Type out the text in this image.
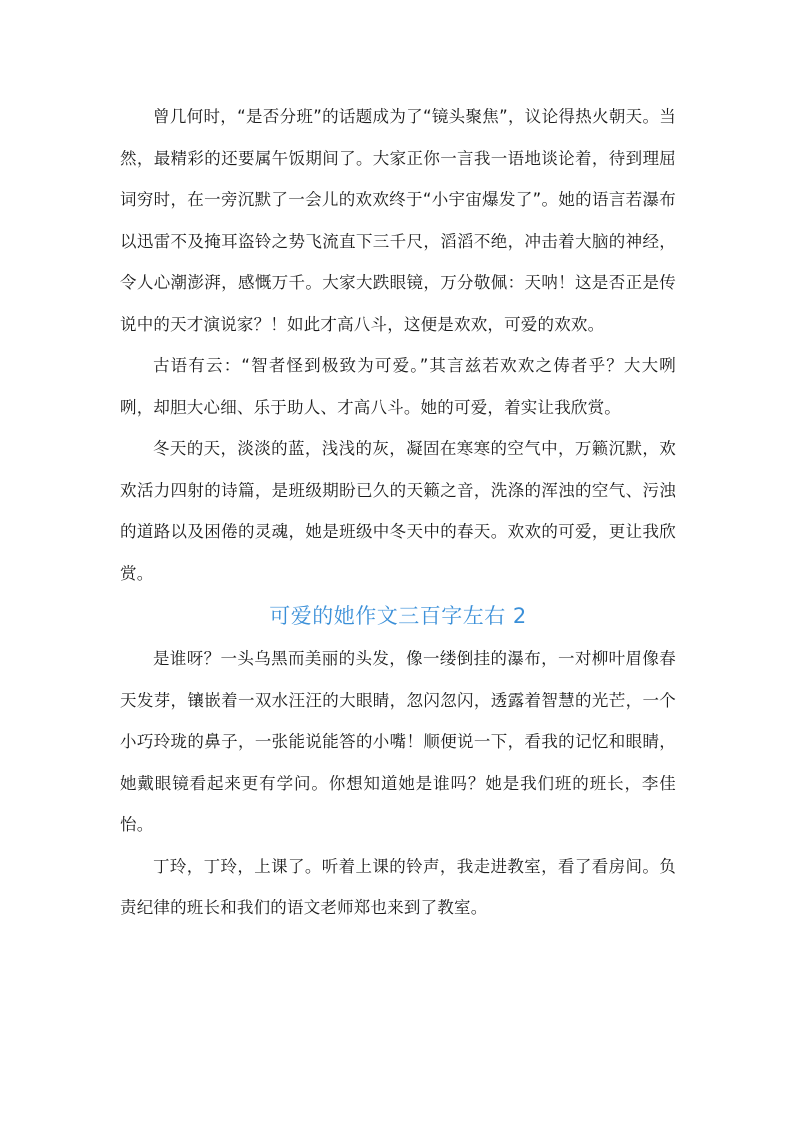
曾几何时，“是否分班”的话题成为了“镜头聚焦”，议论得热火朝天。当然，最精彩的还要属午饭期间了。大家正你一言我一语地谈论着，待到理屈词穷时，在一旁沉默了一会儿的欢欢终于“小宇宙爆发了”。她的语言若瀑布以迅雷不及掩耳盗铃之势飞流直下三千尺，滔滔不绝，冲击着大脑的神经，令人心潮澎湃，感慨万千。大家大跌眼镜，万分敬佩：天呐！这是否正是传说中的天才演说家？！如此才高八斗，这便是欢欢，可爱的欢欢。

古语有云：“智者怪到极致为可爱。”其言兹若欢欢之俦者乎？大大咧咧，却胆大心细、乐于助人、才高八斗。她的可爱，着实让我欣赏。

冬天的天，淡淡的蓝，浅浅的灰，凝固在寒寒的空气中，万籁沉默，欢欢活力四射的诗篇，是班级期盼已久的天籁之音，洗涤的浑浊的空气、污浊的道路以及困倦的灵魂，她是班级中冬天中的春天。欢欢的可爱，更让我欣赏。

可爱的她作文三百字左右 2

是谁呀？一头乌黑而美丽的头发，像一缕倒挂的瀑布，一对柳叶眉像春天发芽，镶嵌着一双水汪汪的大眼睛，忽闪忽闪，透露着智慧的光芒，一个小巧玲珑的鼻子，一张能说能答的小嘴！顺便说一下，看我的记忆和眼睛，她戴眼镜看起来更有学问。你想知道她是谁吗？她是我们班的班长，李佳怡。

丁玲，丁玲，上课了。听着上课的铃声，我走进教室，看了看房间。负责纪律的班长和我们的语文老师郑也来到了教室。
